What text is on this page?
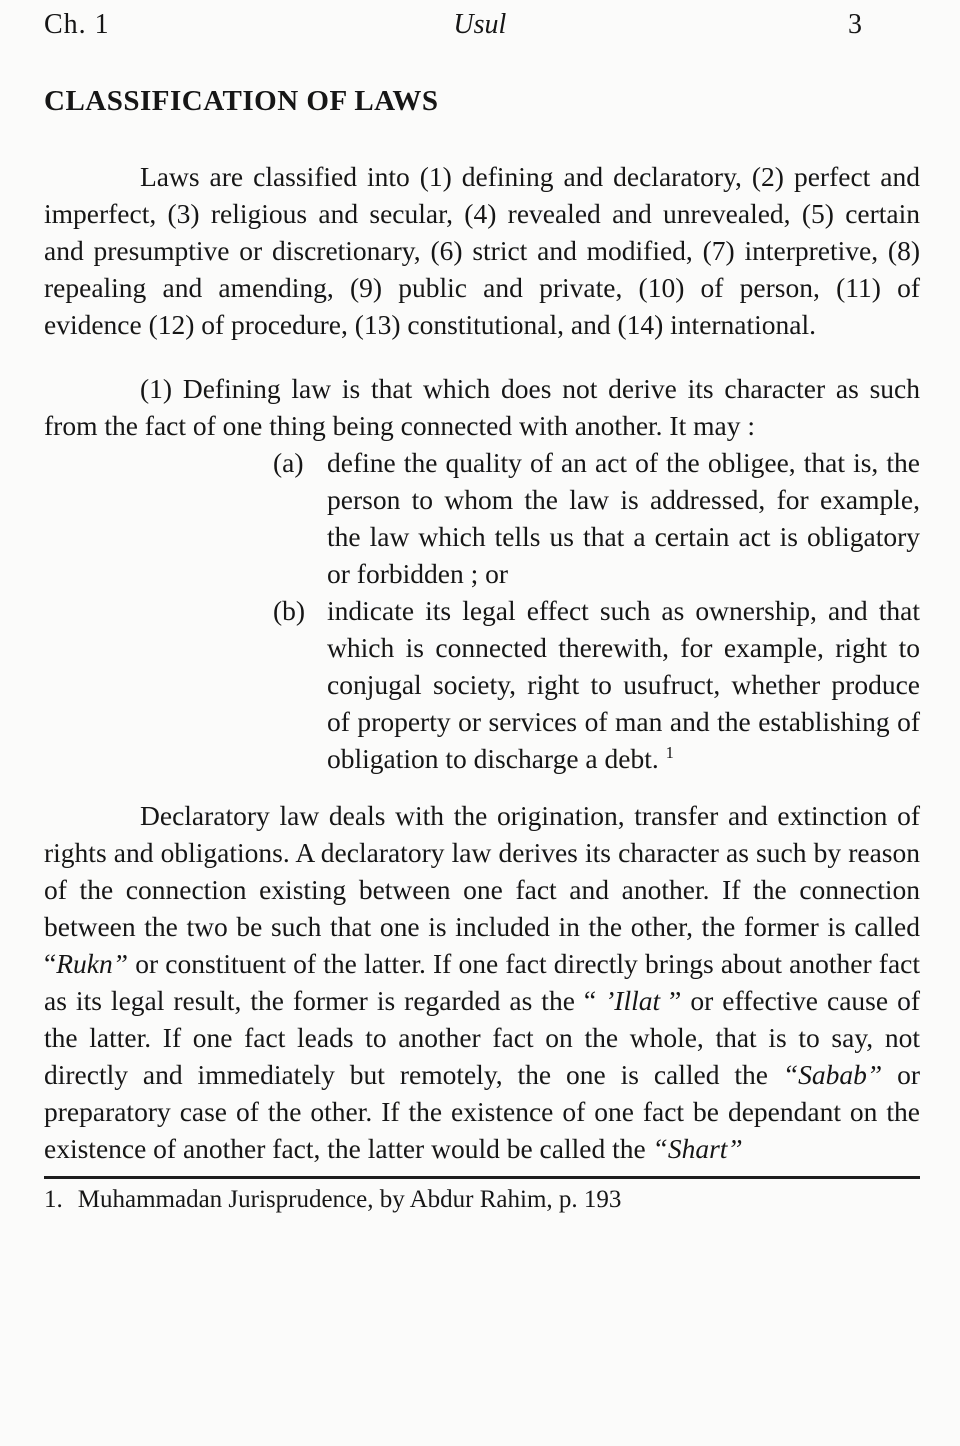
Ch. 1	Usul	3
CLASSIFICATION OF LAWS

Laws are classified into (1) defining and declaratory, (2) perfect and imperfect, (3) religious and secular, (4) revealed and unrevealed, (5) certain and presumptive or discretionary, (6) strict and modified, (7) interpretive, (8) repealing and amending, (9) public and private, (10) of person, (11) of evidence (12) of procedure, (13) constitutional, and (14) international.

(1) Defining law is that which does not derive its character as such from the fact of one thing being connected with another. It may :

(a) define the quality of an act of the obligee, that is, the person to whom the law is addressed, for example, the law which tells us that a certain act is obligatory or forbidden ; or
(b) indicate its legal effect such as ownership, and that which is connected therewith, for example, right to conjugal society, right to usufruct, whether produce of property or services of man and the establishing of obligation to discharge a debt. $^1$

Declaratory law deals with the origination, transfer and extinction of rights and obligations. A declaratory law derives its character as such by reason of the connection existing between one fact and another. If the connection between the two be such that one is included in the other, the former is called “Rukn” or constituent of the latter. If one fact directly brings about another fact as its legal result, the former is regarded as the “ ’Illat ” or effective cause of the latter. If one fact leads to another fact on the whole, that is to say, not directly and immediately but remotely, the one is called the “Sabab” or preparatory case of the other. If the existence of one fact be dependant on the existence of another fact, the latter would be called the “Shart”

1. Muhammadan Jurisprudence, by Abdur Rahim, p. 193
